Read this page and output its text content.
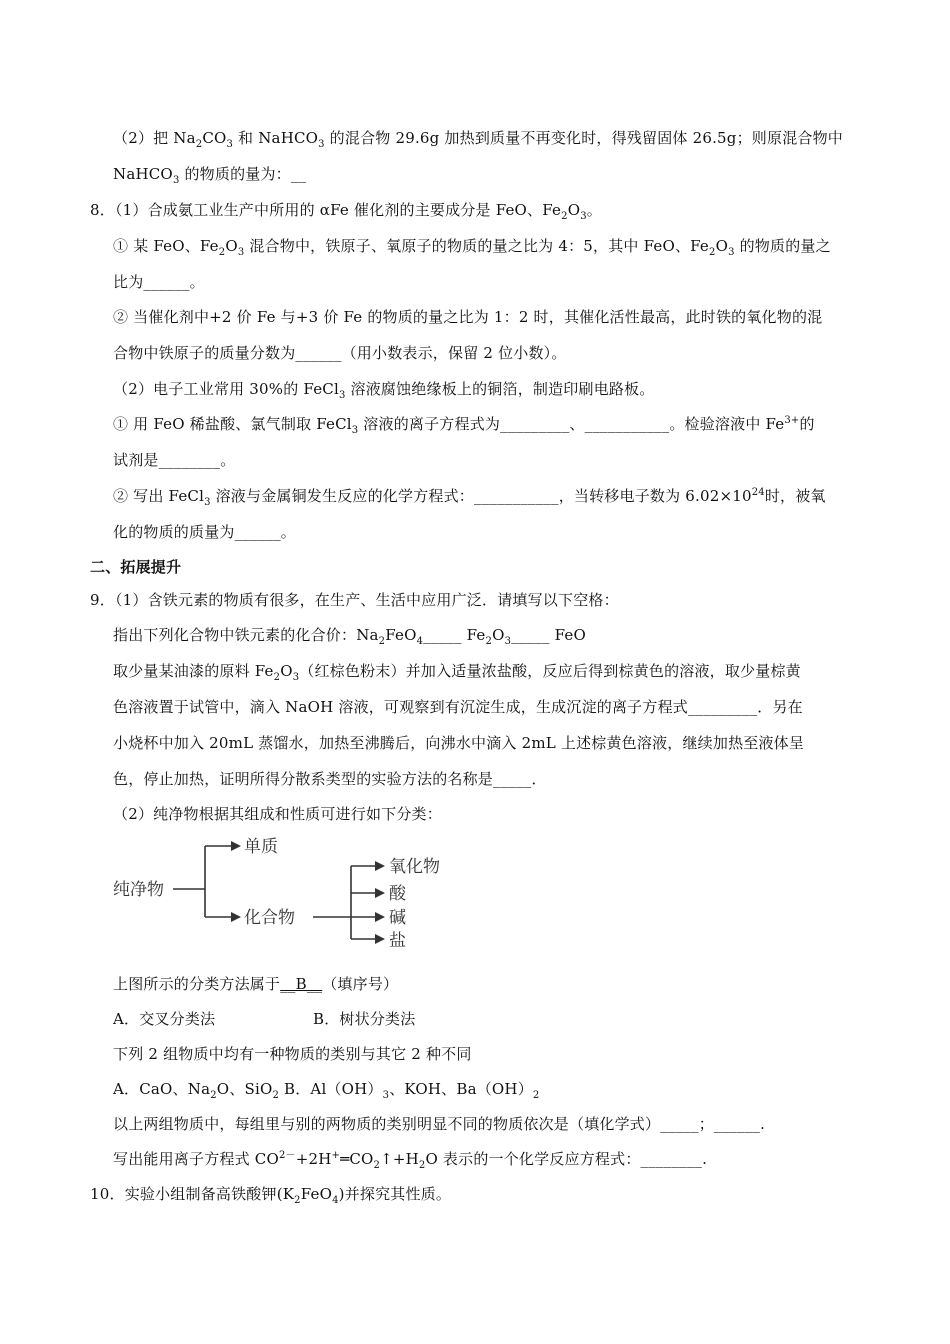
（2）把 $Na_2CO_3$ 和 NaHCO$_3$ 的混合物 29.6g 加热到质量不再变化时，得残留固体 26.5g；则原混合物中
NaHCO$_3$ 的物质的量为：__
8．（1）合成氨工业生产中所用的 αFe 催化剂的主要成分是 FeO、$Fe_2O_3$。
① 某 FeO、$Fe_2O_3$ 混合物中，铁原子、氧原子的物质的量之比为 4：5，其中 FeO、$Fe_2O_3$ 的物质的量之
比为______。
② 当催化剂中+2 价 Fe 与+3 价 Fe 的物质的量之比为 1：2 时，其催化活性最高，此时铁的氧化物的混
合物中铁原子的质量分数为______（用小数表示，保留 2 位小数）。
（2）电子工业常用 30%的 FeCl$_3$ 溶液腐蚀绝缘板上的铜箔，制造印刷电路板。
① 用 FeO 稀盐酸、氯气制取 FeCl$_3$ 溶液的离子方程式为_________、___________。检验溶液中 $Fe^{3+}$的
试剂是________。
② 写出 FeCl$_3$ 溶液与金属铜发生反应的化学方程式：___________，当转移电子数为 $6.02\times 10^{24}$时，被氧
化的物质的质量为______。
二、拓展提升
9．（1）含铁元素的物质有很多，在生产、生活中应用广泛．请填写以下空格：
指出下列化合物中铁元素的化合价：$Na_2FeO_4\_\_\_\_\_$ $Fe_2O_3\_\_\_\_\_$ FeO
取少量某油漆的原料 $Fe_2O_3$（红棕色粉末）并加入适量浓盐酸，反应后得到棕黄色的溶液，取少量棕黄
色溶液置于试管中，滴入 NaOH 溶液，可观察到有沉淀生成，生成沉淀的离子方程式_________．另在
小烧杯中加入 20mL 蒸馏水，加热至沸腾后，向沸水中滴入 2mL 上述棕黄色溶液，继续加热至液体呈
色，停止加热，证明所得分散系类型的实验方法的名称是_____．
（2）纯净物根据其组成和性质可进行如下分类：
纯净物
单质
化合物
氧化物
酸
碱
盐
上图所示的分类方法属于__B__（填序号）
A．交叉分类法	B．树状分类法
下列 2 组物质中均有一种物质的类别与其它 2 种不同
A．CaO、$Na_2O$、SiO$_2$ B．$Al(OH)_3$、KOH、$Ba(OH)_2$
以上两组物质中，每组里与别的两物质的类别明显不同的物质依次是（填化学式）_____；______.
写出能用离子方程式 $CO^{2-}+2H^+═CO_2↑+H_2O$ 表示的一个化学反应方程式：________.
10．实验小组制备高铁酸钾$(K_2FeO_4)$并探究其性质。
